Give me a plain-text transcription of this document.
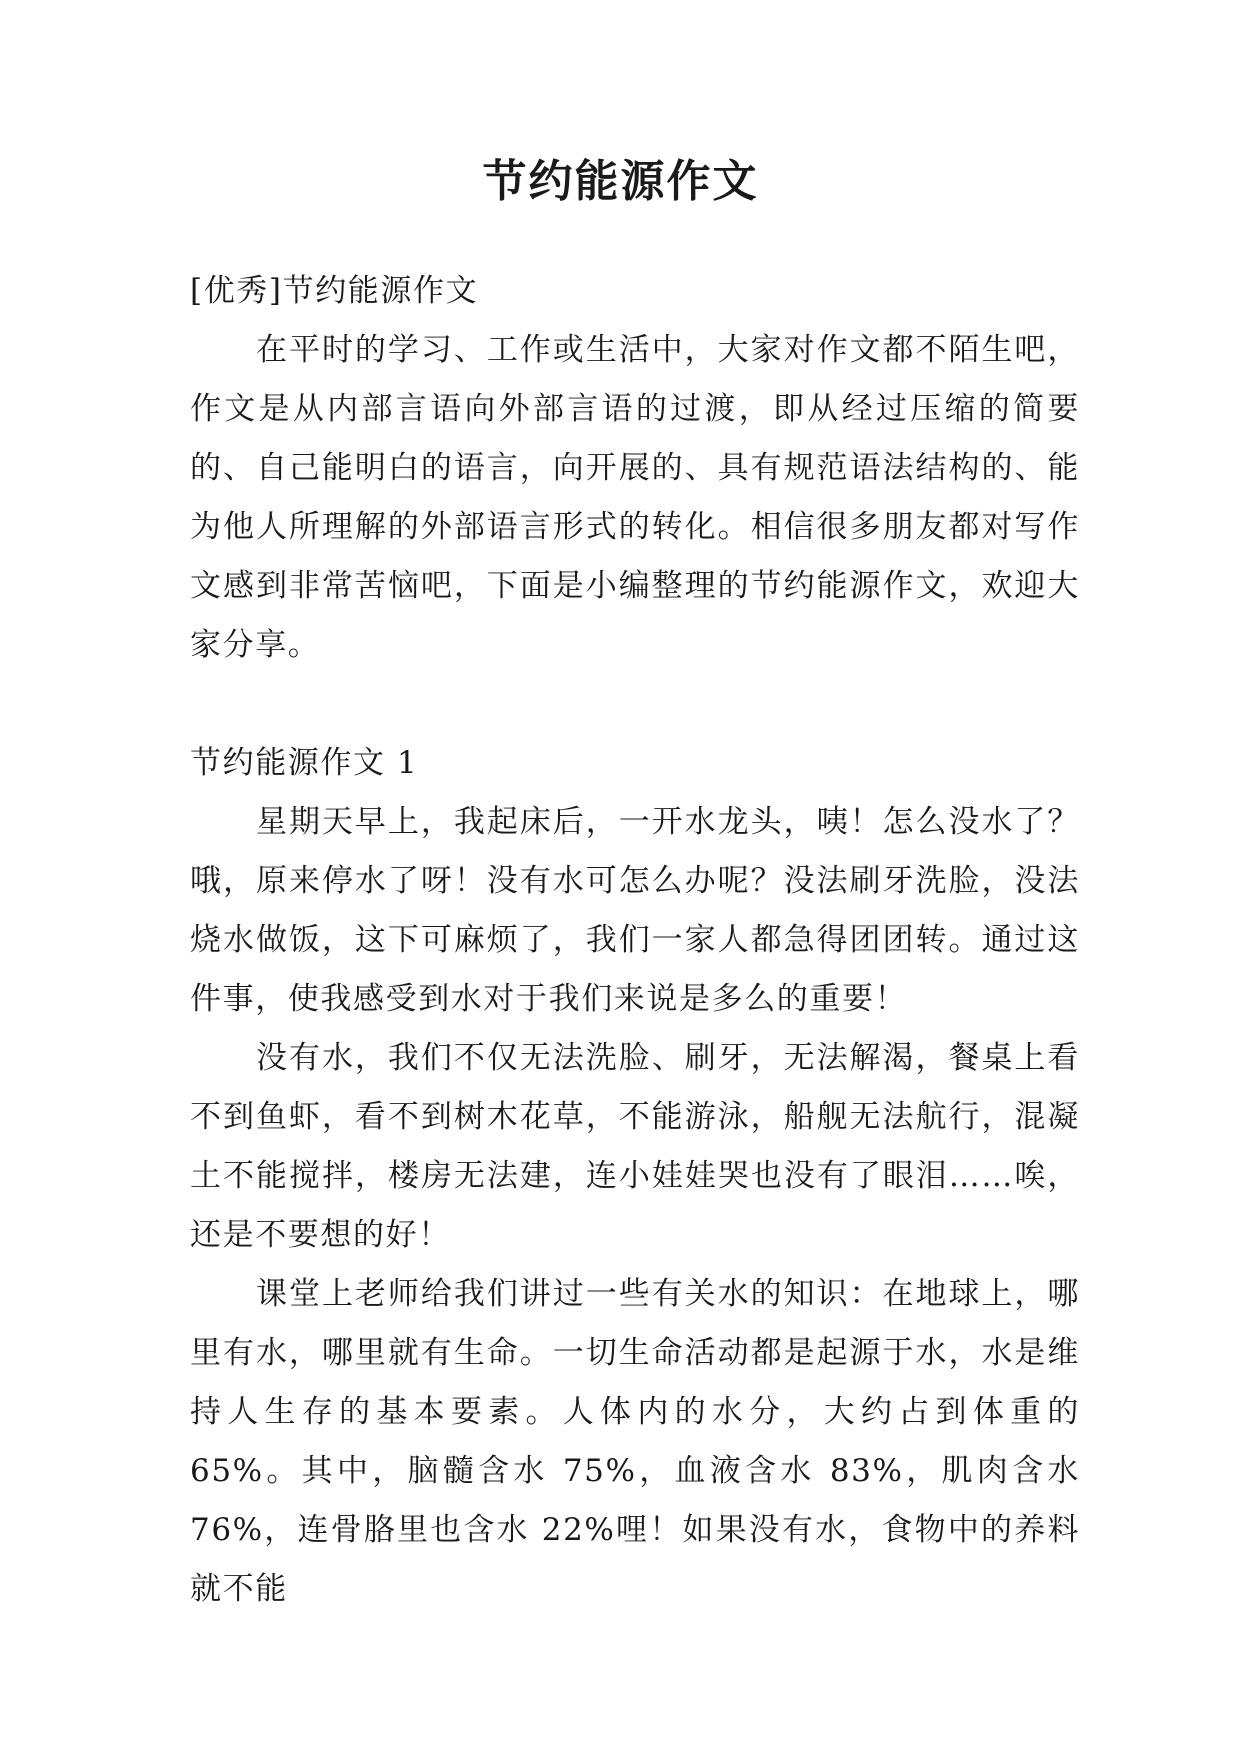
节约能源作文

[优秀]节约能源作文

在平时的学习、工作或生活中，大家对作文都不陌生吧，作文是从内部言语向外部言语的过渡，即从经过压缩的简要的、自己能明白的语言，向开展的、具有规范语法结构的、能为他人所理解的外部语言形式的转化。相信很多朋友都对写作文感到非常苦恼吧，下面是小编整理的节约能源作文，欢迎大家分享。

节约能源作文 1

星期天早上，我起床后，一开水龙头，咦！怎么没水了？哦，原来停水了呀！没有水可怎么办呢？没法刷牙洗脸，没法烧水做饭，这下可麻烦了，我们一家人都急得团团转。通过这件事，使我感受到水对于我们来说是多么的重要！

没有水，我们不仅无法洗脸、刷牙，无法解渴，餐桌上看不到鱼虾，看不到树木花草，不能游泳，船舰无法航行，混凝土不能搅拌，楼房无法建，连小娃娃哭也没有了眼泪……唉，还是不要想的好！

课堂上老师给我们讲过一些有关水的知识：在地球上，哪里有水，哪里就有生命。一切生命活动都是起源于水，水是维持人生存的基本要素。人体内的水分，大约占到体重的 65%。其中，脑髓含水 75%，血液含水 83%，肌肉含水 76%，连骨胳里也含水 22%哩！如果没有水，食物中的养料就不能
